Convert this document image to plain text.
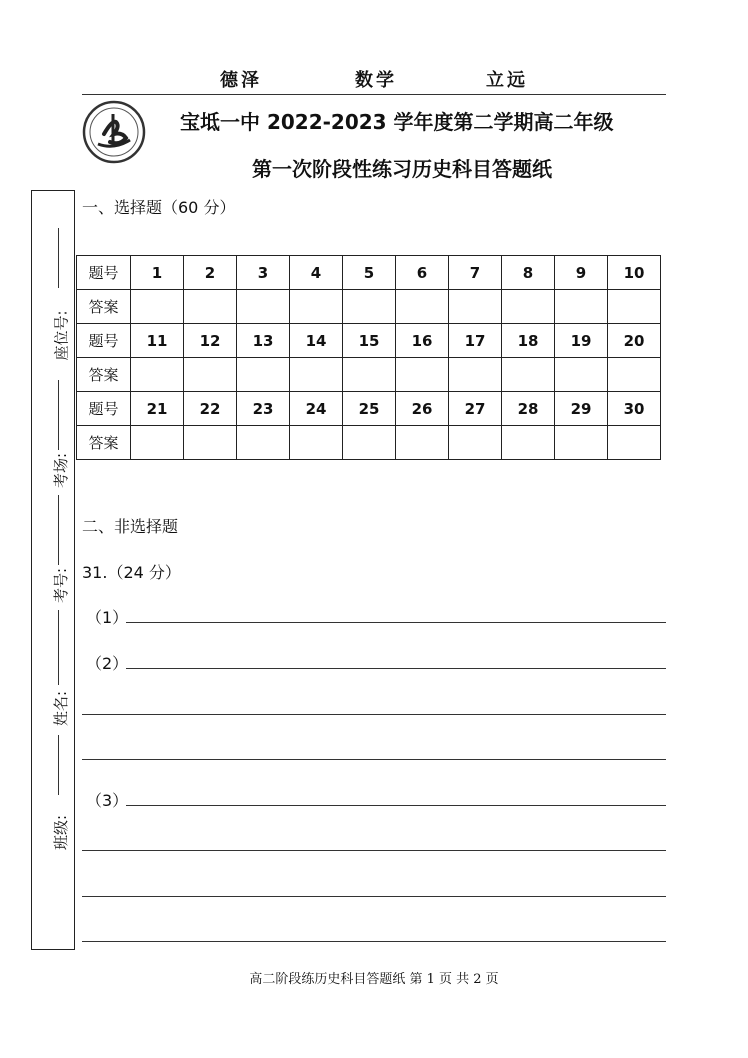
德泽	数学	立远
宝坻一中 2022-2023 学年度第二学期高二年级
第一次阶段性练习历史科目答题纸
座位号:
考场:
考号:
姓名:
班级:
一、选择题（60 分）
题号	1	2	3	4	5	6	7	8	9	10
答案										
题号	11	12	13	14	15	16	17	18	19	20
答案										
题号	21	22	23	24	25	26	27	28	29	30
答案										
二、非选择题
31.（24 分）
（1）
（2）
（3）
高二阶段练历史科目答题纸 第 1 页 共 2 页
